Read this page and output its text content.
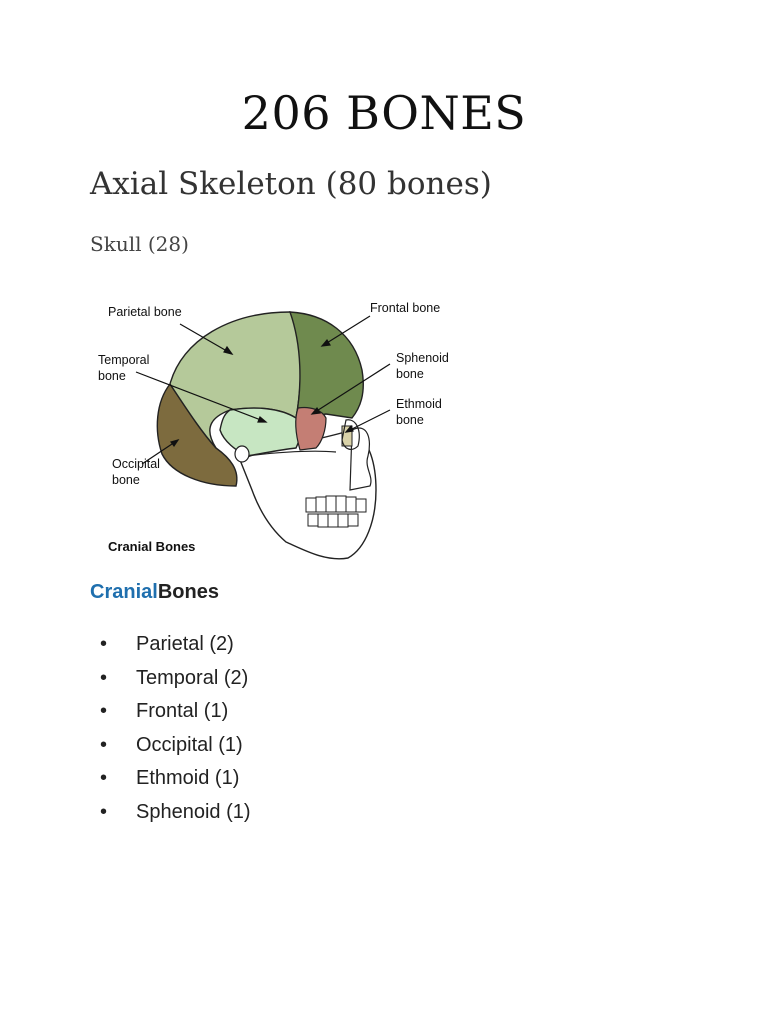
206 BONES
Axial Skeleton (80 bones)
Skull (28)
Parietal bone	Frontal bone
Temporal
bone
Sphenoid
bone
Ethmoid
bone
Occipital
bone
Cranial Bones
CranialBones
• Parietal (2)
• Temporal (2)
• Frontal (1)
• Occipital (1)
• Ethmoid (1)
• Sphenoid (1)
